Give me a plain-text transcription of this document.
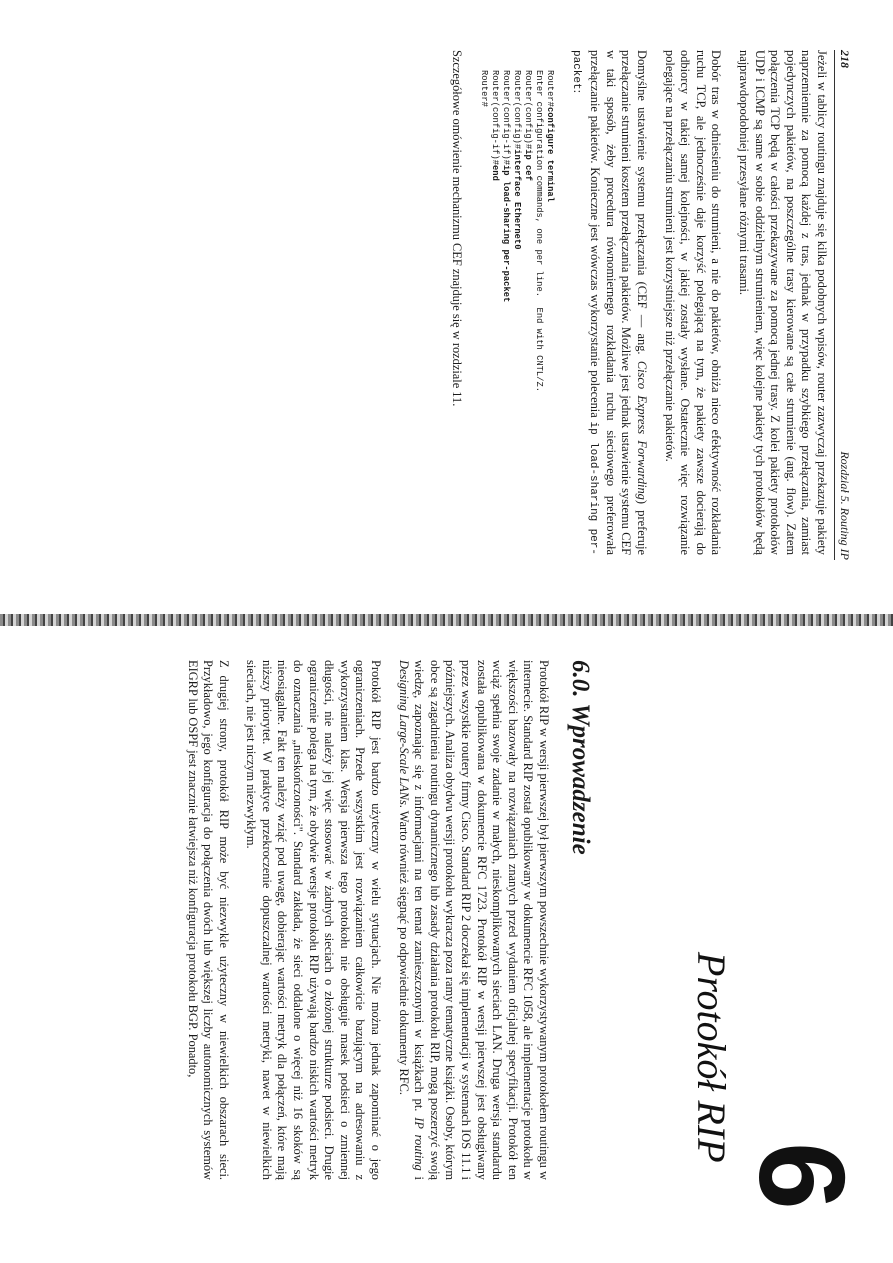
218
Rozdział 5. Routing IP

Jeżeli w tablicy routingu znajduje się kilka podobnych wpisów, router zazwyczaj przekazuje pakiety naprzemiennie za pomocą każdej z tras, jednak w przypadku szybkiego przełączania, zamiast pojedynczych pakietów, na poszczególne trasy kierowane są całe strumienie (ang. flow). Zatem połączenia TCP będą w całości przekazywane za pomocą jednej trasy. Z kolei pakiety protokołów UDP i ICMP są same w sobie oddzielnym strumieniem, więc kolejne pakiety tych protokołów będą najprawdopodobniej przesyłane różnymi trasami.

Dobór tras w odniesieniu do strumieni, a nie do pakietów, obniża nieco efektywność rozkładania ruchu TCP, ale jednocześnie daje korzyść polegającą na tym, że pakiety zawsze docierają do odbiorcy w takiej samej kolejności, w jakiej zostały wysłane. Ostatecznie więc rozwiązanie polegające na przełączaniu strumieni jest korzystniejsze niż przełączanie pakietów.

Domyślne ustawienie systemu przełączania (CEF — ang. Cisco Express Forwarding) preferuje przełączanie strumieni kosztem przełączania pakietów. Możliwe jest jednak ustawienie systemu CEF w taki sposób, żeby procedura równomiernego rozkładania ruchu sieciowego preferowała przełączanie pakietów. Konieczne jest wówczas wykorzystanie polecenia ip load-sharing per-packet:

Router#configure terminal
Enter configuration commands, one per line.  End with CNTL/Z.
Router(config)#ip cef
Router(config)#interface Ethernet0
Router(config-if)#ip load-sharing per-packet
Router(config-if)#end
Router#

Szczegółowe omówienie mechanizmu CEF znajduje się w rozdziale 11.

6
Protokół RIP
6.0. Wprowadzenie

Protokół RIP w wersji pierwszej był pierwszym powszechnie wykorzystywanym protokołem routingu w internecie. Standard RIP został opublikowany w dokumencie RFC 1058, ale implementacje protokołu w większości bazowały na rozwiązaniach znanych przed wydaniem oficjalnej specyfikacji. Protokół ten wciąż spełnia swoje zadanie w małych, nieskomplikowanych sieciach LAN. Druga wersja standardu została opublikowana w dokumencie RFC 1723. Protokół RIP w wersji pierwszej jest obsługiwany przez wszystkie routery firmy Cisco. Standard RIP 2 doczekał się implementacji w systemach IOS 11.1 i późniejszych. Analiza obydwu wersji protokołu wykracza poza ramy tematyczne książki. Osoby, którym obce są zagadnienia routingu dynamicznego lub zasady działania protokołu RIP, mogą poszerzyć swoją wiedzę, zapoznając się z informacjami na ten temat zamieszczonymi w książkach pt. IP routing i Designing Large-Scale LANs. Warto również sięgnąć po odpowiednie dokumenty RFC.

Protokół RIP jest bardzo użyteczny w wielu sytuacjach. Nie można jednak zapominać o jego ograniczeniach. Przede wszystkim jest rozwiązaniem całkowicie bazującym na adresowaniu z wykorzystaniem klas. Wersja pierwsza tego protokołu nie obsługuje masek podsieci o zmiennej długości, nie należy jej więc stosować w żadnych sieciach o złożonej strukturze podsieci. Drugie ograniczenie polega na tym, że obydwie wersje protokołu RIP używają bardzo niskich wartości metryk do oznaczania „nieskończoności". Standard zakłada, że sieci oddalone o więcej niż 16 skoków są nieosiągalne. Fakt ten należy wziąć pod uwagę, dobierając wartości metryk dla połączeń, które mają niższy priorytet. W praktyce przekroczenie dopuszczalnej wartości metryki, nawet w niewielkich sieciach, nie jest niczym niezwykłym.

Z drugiej strony, protokół RIP może być niezwykle użyteczny w niewielkich obszarach sieci. Przykładowo, jego konfiguracja do połączenia dwóch lub większej liczby autonomicznych systemów EIGRP lub OSPF jest znacznie łatwiejsza niż konfiguracja protokołu BGP. Ponadto,
